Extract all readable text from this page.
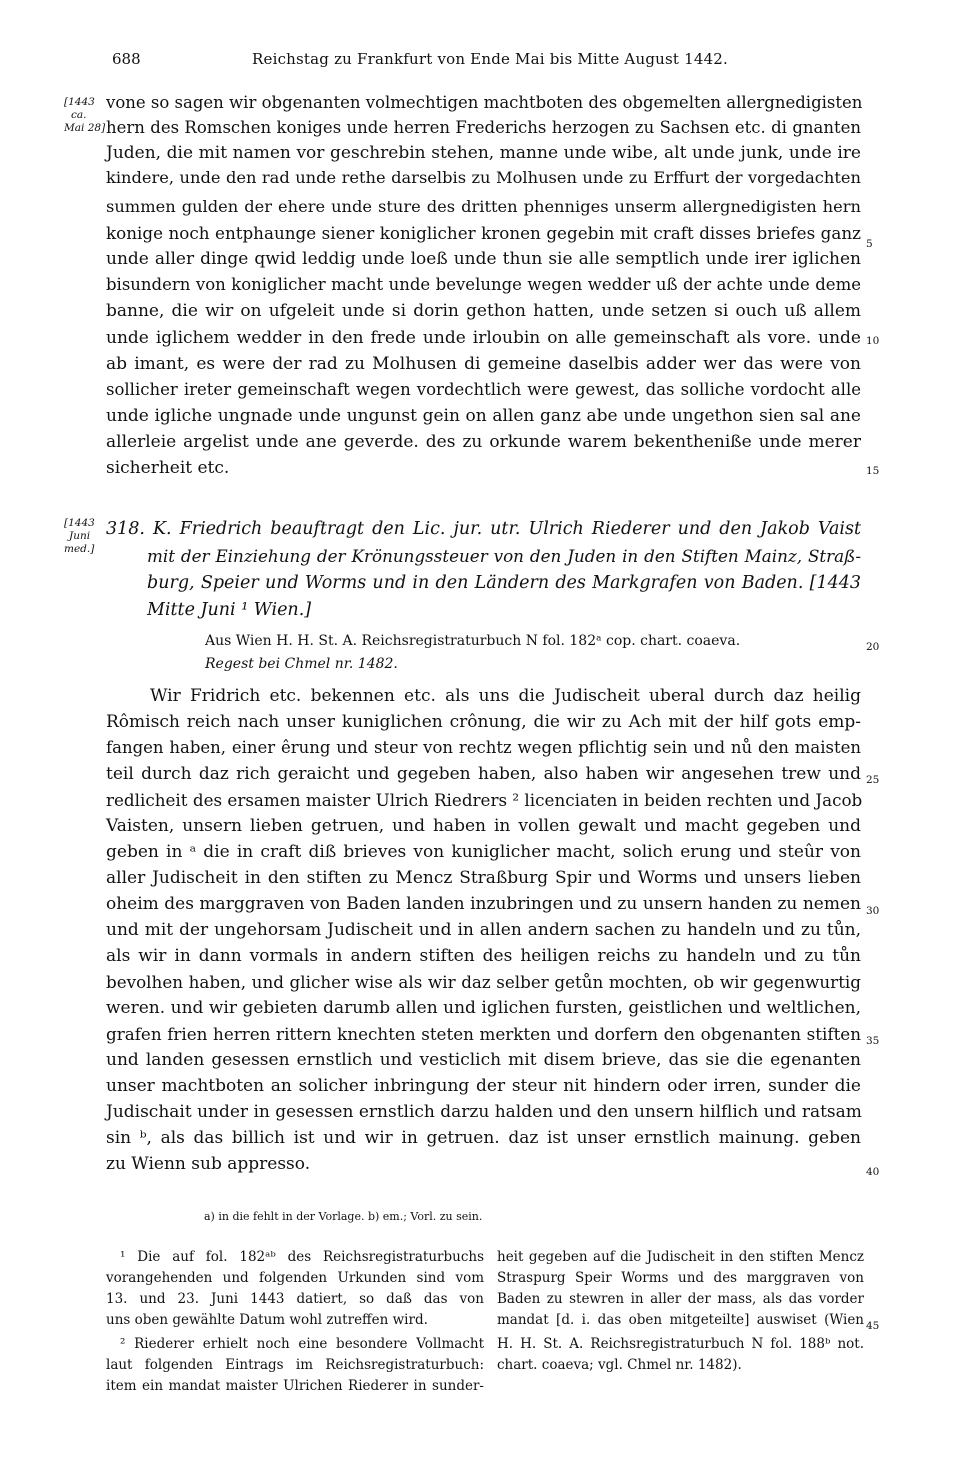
688	Reichstag zu Frankfurt von Ende Mai bis Mitte August 1442.
[1443
ca.
Mai 28]
[1443
Juni
med.]
vone so sagen wir obgenanten volmechtigen machtboten des obgemelten allergnedigisten
hern des Romschen koniges unde herren Frederichs herzogen zu Sachsen etc. di gnanten
Juden, die mit namen vor geschrebin stehen, manne unde wibe, alt unde junk, unde ire
kindere, unde den rad unde rethe darselbis zu Molhusen unde zu Erffurt der vorgedachten
summen gulden der ehere unde sture des dritten phenniges unserm allergnedigisten hern
konige noch entphaunge siener koniglicher kronen gegebin mit craft disses briefes ganz
unde aller dinge qwid leddig unde loeß unde thun sie alle semptlich unde irer iglichen
bisundern von koniglicher macht unde bevelunge wegen wedder uß der achte unde deme
banne, die wir on ufgeleit unde si dorin gethon hatten, unde setzen si ouch uß allem
unde iglichem wedder in den frede unde irloubin on alle gemeinschaft als vore. unde
ab imant, es were der rad zu Molhusen di gemeine daselbis adder wer das were von
sollicher ireter gemeinschaft wegen vordechtlich were gewest, das solliche vordocht alle
unde igliche ungnade unde ungunst gein on allen ganz abe unde ungethon sien sal ane
allerleie argelist unde ane geverde. des zu orkunde warem bekentheniße unde merer
sicherheit etc.
5
10
15
20
25
30
35
40
45
318. K. Friedrich beauftragt den Lic. jur. utr. Ulrich Riederer und den Jakob Vaist
mit der Einziehung der Krönungssteuer von den Juden in den Stiften Mainz, Straß-
burg, Speier und Worms und in den Ländern des Markgrafen von Baden. [1443
Mitte Juni ¹ Wien.]
Aus Wien H. H. St. A. Reichsregistraturbuch N fol. 182ᵃ cop. chart. coaeva.
Regest bei Chmel nr. 1482.
Wir Fridrich etc. bekennen etc. als uns die Judischeit uberal durch daz heilig
Rômisch reich nach unser kuniglichen crônung, die wir zu Ach mit der hilf gots emp-
fangen haben, einer êrung und steur von rechtz wegen pflichtig sein und nů den maisten
teil durch daz rich geraicht und gegeben haben, also haben wir angesehen trew und
redlicheit des ersamen maister Ulrich Riedrers ² licenciaten in beiden rechten und Jacob
Vaisten, unsern lieben getruen, und haben in vollen gewalt und macht gegeben und
geben in ᵃ die in craft diß brieves von kuniglicher macht, solich erung und steûr von
aller Judischeit in den stiften zu Mencz Straßburg Spir und Worms und unsers lieben
oheim des marggraven von Baden landen inzubringen und zu unsern handen zu nemen
und mit der ungehorsam Judischeit und in allen andern sachen zu handeln und zu tůn,
als wir in dann vormals in andern stiften des heiligen reichs zu handeln und zu tůn
bevolhen haben, und glicher wise als wir daz selber getůn mochten, ob wir gegenwurtig
weren. und wir gebieten darumb allen und iglichen fursten, geistlichen und weltlichen,
grafen frien herren rittern knechten steten merkten und dorfern den obgenanten stiften
und landen gesessen ernstlich und vesticlich mit disem brieve, das sie die egenanten
unser machtboten an solicher inbringung der steur nit hindern oder irren, sunder die
Judischait under in gesessen ernstlich darzu halden und den unsern hilflich und ratsam
sin ᵇ, als das billich ist und wir in getruen. daz ist unser ernstlich mainung. geben
zu Wienn sub appresso.
a) in die fehlt in der Vorlage. b) em.; Vorl. zu sein.
¹ Die auf fol. 182ᵃᵇ des Reichsregistraturbuchs
vorangehenden und folgenden Urkunden sind vom
13. und 23. Juni 1443 datiert, so daß das von
uns oben gewählte Datum wohl zutreffen wird.
² Riederer erhielt noch eine besondere Vollmacht
laut folgenden Eintrags im Reichsregistraturbuch:
item ein mandat maister Ulrichen Riederer in sunder-
heit gegeben auf die Judischeit in den stiften Mencz
Straspurg Speir Worms und des marggraven von
Baden zu stewren in aller der mass, als das vorder
mandat [d. i. das oben mitgeteilte] auswiset (Wien
H. H. St. A. Reichsregistraturbuch N fol. 188ᵇ not.
chart. coaeva; vgl. Chmel nr. 1482).
